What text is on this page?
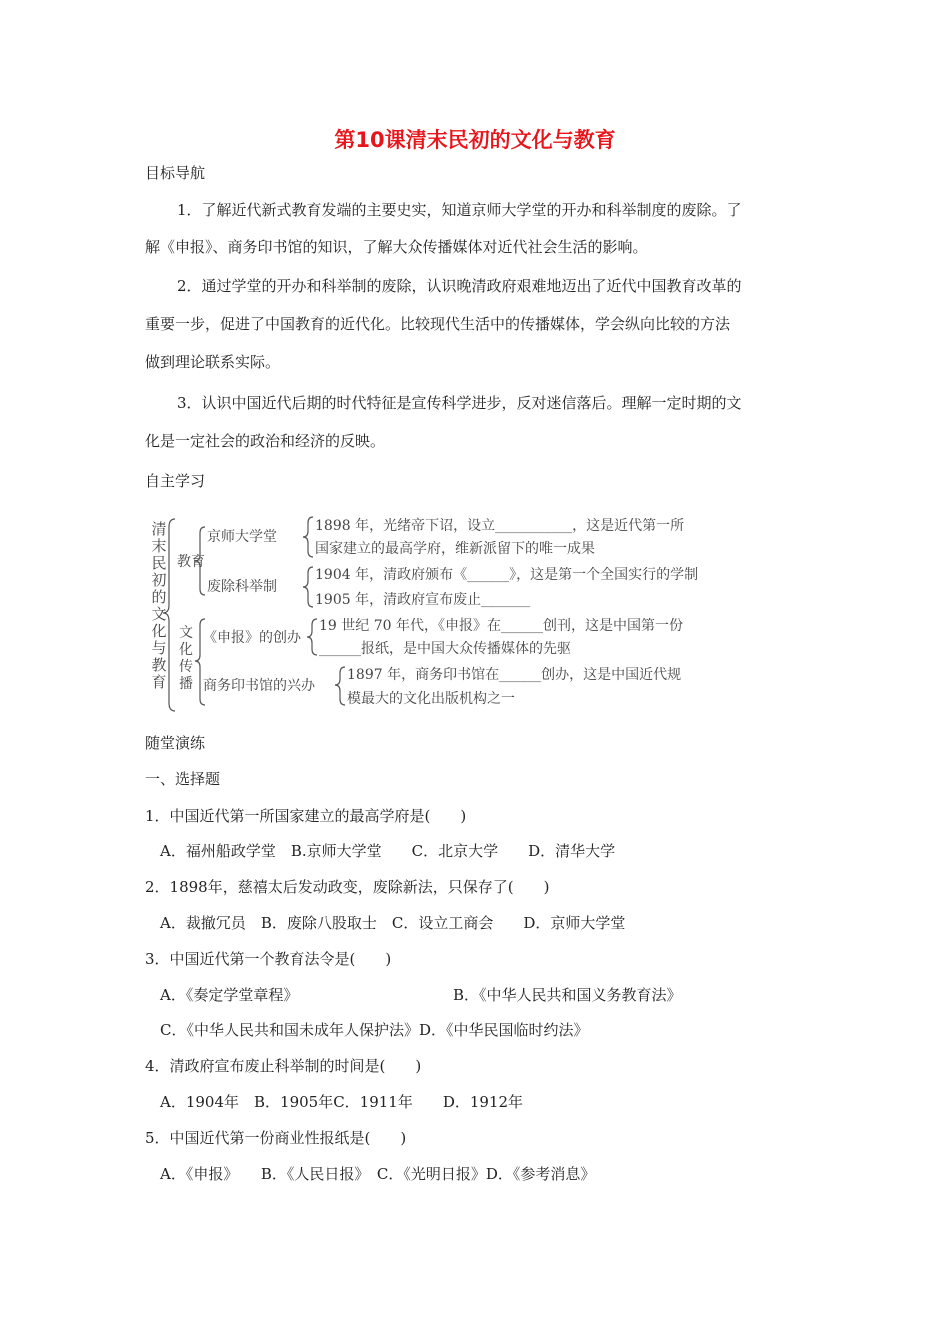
第10课清末民初的文化与教育
目标导航
1．了解近代新式教育发端的主要史实，知道京师大学堂的开办和科举制度的废除。了
解《申报》、商务印书馆的知识，了解大众传播媒体对近代社会生活的影响。
2．通过学堂的开办和科举制的废除，认识晚清政府艰难地迈出了近代中国教育改革的
重要一步，促进了中国教育的近代化。比较现代生活中的传播媒体，学会纵向比较的方法
做到理论联系实际。
3．认识中国近代后期的时代特征是宣传科学进步，反对迷信落后。理解一定时期的文
化是一定社会的政治和经济的反映。
自主学习
清末民初的文化与教育
教育
文化传播
京师大学堂
1898 年，光绪帝下诏，设立___________，这是近代第一所
国家建立的最高学府，维新派留下的唯一成果
废除科举制
1904 年，清政府颁布《______》，这是第一个全国实行的学制
1905 年，清政府宣布废止_______
《申报》的创办
19 世纪 70 年代，《申报》在______创刊，这是中国第一份
______报纸，是中国大众传播媒体的先驱
商务印书馆的兴办
1897 年，商务印书馆在______创办，这是中国近代规
模最大的文化出版机构之一
随堂演练
一、选择题
1．中国近代第一所国家建立的最高学府是(　　)
A．福州船政学堂　B.京师大学堂　　C．北京大学　　D．清华大学
2．1898年，慈禧太后发动政变，废除新法，只保存了(　　)
A．裁撤冗员　B．废除八股取士　C．设立工商会　　D．京师大学堂
3．中国近代第一个教育法令是(　　)
A．《奏定学堂章程》	B．《中华人民共和国义务教育法》
C．《中华人民共和国未成年人保护法》D．《中华民国临时约法》
4．清政府宣布废止科举制的时间是(　　)
A．1904年　B．1905年C．1911年　　D．1912年
5．中国近代第一份商业性报纸是(　　)
A．《申报》　　B．《人民日报》　C．《光明日报》D．《参考消息》
